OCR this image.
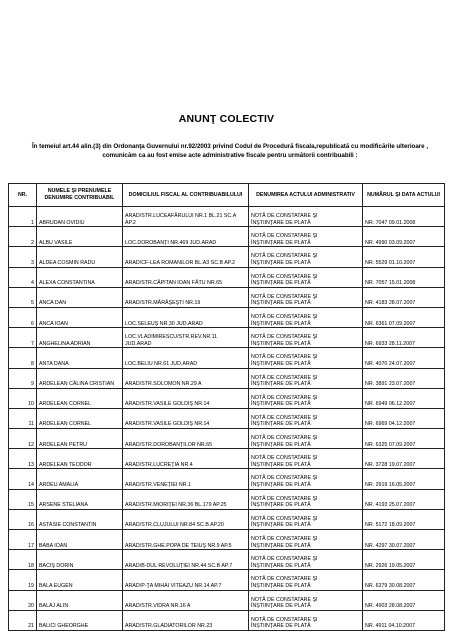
ANUNŢ COLECTIV
În temeiul art.44 alin.(3) din Ordonanţa Guvernului nr.92/2003 privind Codul de Procedură fiscala,republicată cu modificările ulterioare , comunicăm ca au fost emise acte administrative fiscale pentru următorii contribuabili :
NR.	NUMELE ŞI PRENUMELE DENUMIRE CONTRIBUABIL	DOMICILIUL FISCAL AL CONTRIBUABILULUI	DENUMIREA ACTULUI ADMINISTRATIV	NUMĂRUL ŞI DATA ACTULUI
1	ABRUDAN OVIDIU	ARAD/STR.LUCEAFĂRULUI NR.1 BL.21 SC.A
AP.2	NOTĂ DE CONSTATARE ŞI
ÎNŞTIINŢARE DE PLATĂ	NR. 7047 09.01.2008
2	ALBU VASILE	LOC.DOROBANŢI NR.469 JUD.ARAD	NOTĂ DE CONSTATARE ŞI
ÎNŞTIINŢARE DE PLATĂ	NR. 4990 03.09.2007
3	ALDEA COSMIN RADU	ARAD/CF-LEA ROMANILOR BL.A3 SC.B AP.2	NOTĂ DE CONSTATARE ŞI
ÎNŞTIINŢARE DE PLATĂ	NR. 5529 01.10.2007
4	ALEXA CONSTANTINA	ARAD/STR.CĂPITAN IOAN FĂTU NR.65	NOTĂ DE CONSTATARE ŞI
ÎNŞTIINŢARE DE PLATĂ	NR. 7057 15.01.2008
5	ANCA DAN	ARAD/STR.MĂRĂŞEŞTI NR.19	NOTĂ DE CONSTATARE ŞI
ÎNŞTIINŢARE DE PLATĂ	NR. 4183 28.07.2007
6	ANCA IOAN	LOC.SELEUŞ NR.30 JUD.ARAD	NOTĂ DE CONSTATARE ŞI
ÎNŞTIINŢARE DE PLATĂ	NR. 6361 07.09.2007
7	ANGHELINA ADRIAN	LOC.VLADIMIRESCU/STR.REV.NR.11
JUD.ARAD	NOTĂ DE CONSTATARE ŞI
ÎNŞTIINŢARE DE PLATĂ	NR. 6933 28.11.2007
8	ANTA DANA	LOC.BELIU NR.61 JUD.ARAD	NOTĂ DE CONSTATARE ŞI
ÎNŞTIINŢARE DE PLATĂ	NR. 4070 24.07.2007
9	ARDELEAN CĂLINA CRISTIAN	ARAD/STR.SOLOMON NR.29 A	NOTĂ DE CONSTATARE ŞI
ÎNŞTIINŢARE DE PLATĂ	NR. 3891 23.07.2007
10	ARDELEAN CORNEL	ARAD/STR.VASILE GOLDIŞ NR.14	NOTĂ DE CONSTATARE ŞI
ÎNŞTIINŢARE DE PLATĂ	NR. 6949 06.12.2007
11	ARDELEAN CORNEL	ARAD/STR.VASILE GOLDIŞ NR.14	NOTĂ DE CONSTATARE ŞI
ÎNŞTIINŢARE DE PLATĂ	NR. 6969 04.12.2007
12	ARDELEAN PETRU	ARAD/STR.DOROBANŢILOR NR.65	NOTĂ DE CONSTATARE ŞI
ÎNŞTIINŢARE DE PLATĂ	NR. 6325 07.09.2007
13	ARDELEAN TEODOR	ARAD/STR.LUCREŢIA NR.4	NOTĂ DE CONSTATARE ŞI
ÎNŞTIINŢARE DE PLATĂ	NR. 3728 19.07.2007
14	ARDEU AMALIA	ARAD/STR.VENEŢIEI NR.1	NOTĂ DE CONSTATARE ŞI
ÎNŞTIINŢARE DE PLATĂ	NR. 2919 16.05.2007
15	ARSENE STELIANA	ARAD/STR.MIORIŢEI NR.36 BL.179 AP.25	NOTĂ DE CONSTATARE ŞI
ÎNŞTIINŢARE DE PLATĂ	NR. 4193 25.07.2007
16	ASTASIE CONSTANTIN	ARAD/STR.CLUJULUI NR.84 SC.B AP.20	NOTĂ DE CONSTATARE ŞI
ÎNŞTIINŢARE DE PLATĂ	NR. 5172 18.09.2007
17	BABA IOAN	ARAD/STR.GHE.POPA DE TEIUŞ NR.9 AP.5	NOTĂ DE CONSTATARE ŞI
ÎNŞTIINŢARE DE PLATĂ	NR. 4297 30.07.2007
18	BACIŞ DORIN	ARAD/B-DUL REVOLUŢIEI NR.44 SC.B AP.7	NOTĂ DE CONSTATARE ŞI
ÎNŞTIINŢARE DE PLATĂ	NR. 2926 19.05.2007
19	BALA EUGEN	ARAD/P-ŢA MIHAI VITEAZU NR.14 AP.7	NOTĂ DE CONSTATARE ŞI
ÎNŞTIINŢARE DE PLATĂ	NR. 6379 30.08.2007
20	BALAJ ALIN	ARAD/STR.VIDRA NR.16 A	NOTĂ DE CONSTATARE ŞI
ÎNŞTIINŢARE DE PLATĂ	NR. 4903 28.08.2007
21	BALICI GHEORGHE	ARAD/STR.GLADIATORILOR NR.23	NOTĂ DE CONSTATARE ŞI
ÎNŞTIINŢARE DE PLATĂ	NR. 4911 04.10.2007
